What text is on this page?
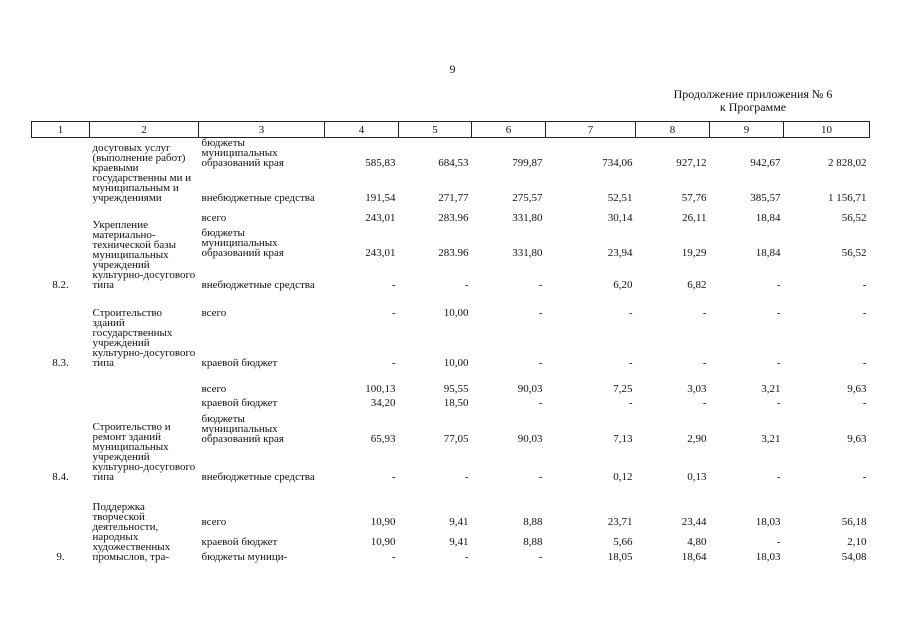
9
Продолжение приложения № 6
к Программе
1	2	3	4	5	6	7	8	9	10
	досуговых услуг (выполнение работ) краевыми государственны ми и муниципальным и учреждениями	бюджеты муниципальных образований края	585,83	684,53	799,87	734,06	927,12	942,67	2 828,02
		внебюджетные средства	191,54	271,77	275,57	52,51	57,76	385,57	1 156,71
8.2.	Укрепление материально-технической базы муниципальных учреждений культурно-досугового типа	всего	243,01	283.96	331,80	30,14	26,11	18,84	56,52
		бюджеты муниципальных образований края	243,01	283.96	331,80	23,94	19,29	18,84	56,52
		внебюджетные средства	-	-	-	6,20	6,82	-	-

8.3.	Строительство зданий государственных учреждений культурно-досугового типа	всего	-	10,00	-	-	-	-	-
		краевой бюджет	-	10,00	-	-	-	-	-

8.4.	Строительство и ремонт зданий муниципальных учреждений культурно-досугового типа	всего	100,13	95,55	90,03	7,25	3,03	3,21	9,63
		краевой бюджет	34,20	18,50	-	-	-	-	-
		бюджеты муниципальных образований края	65,93	77,05	90,03	7,13	2,90	3,21	9,63
		внебюджетные средства	-	-	-	0,12	0,13	-	-

9.	Поддержка творческой деятельности, народных художественных промыслов, тра-	всего	10,90	9,41	8,88	23,71	23,44	18,03	56,18
		краевой бюджет	10,90	9,41	8,88	5,66	4,80	-	2,10
		бюджеты муници-	-	-	-	18,05	18,64	18,03	54,08
